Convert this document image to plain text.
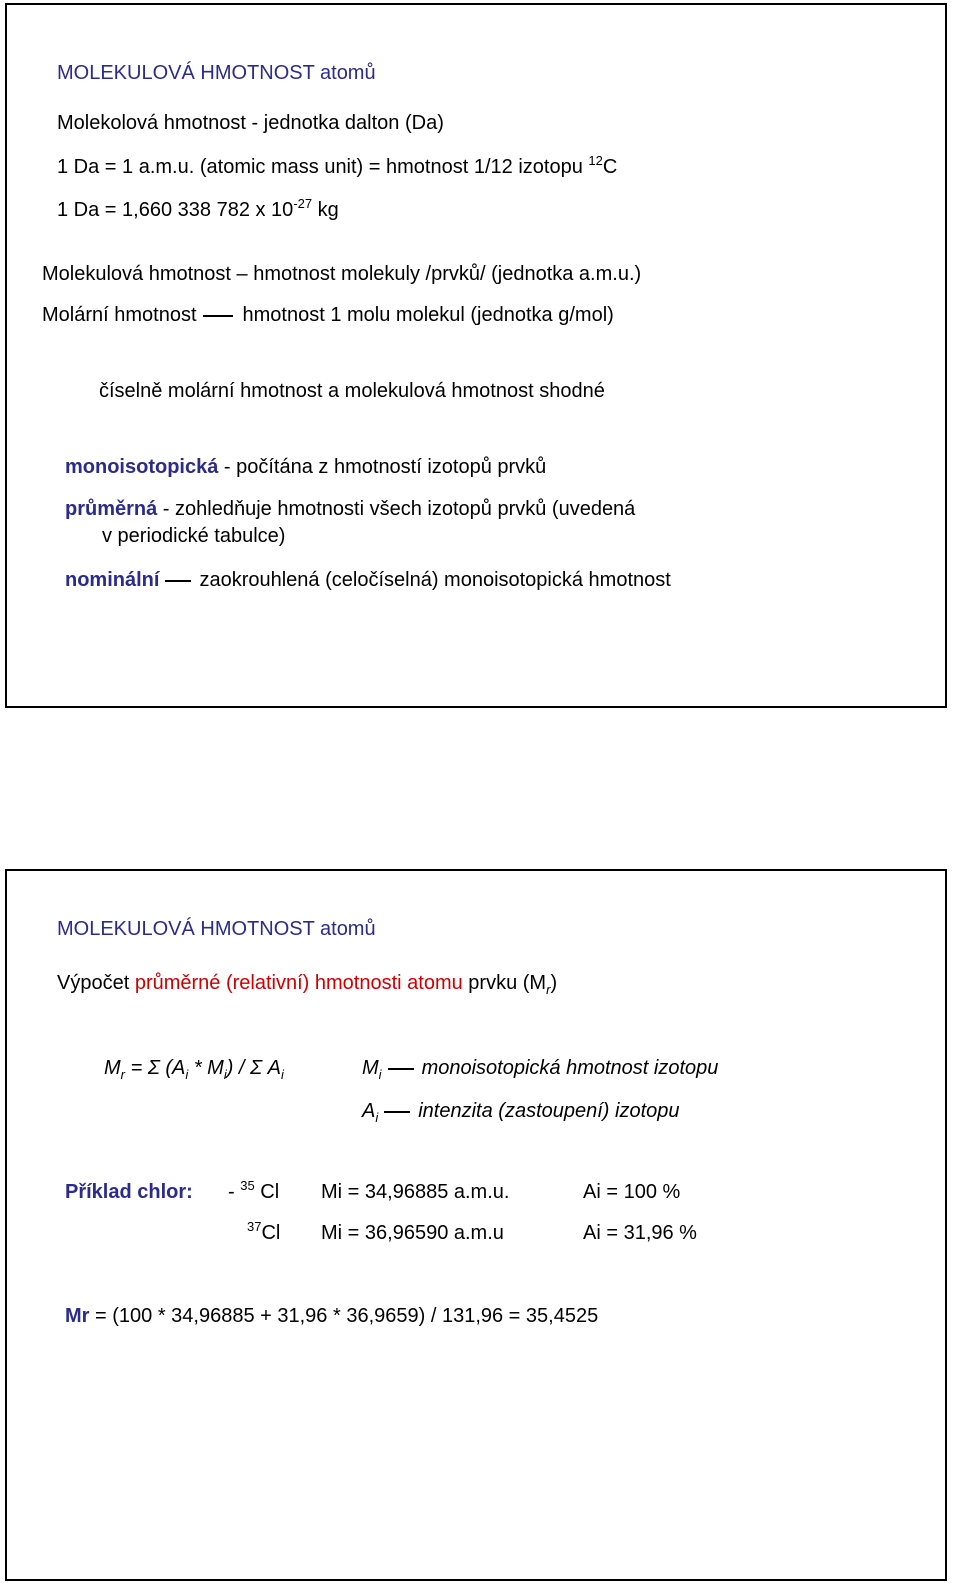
MOLEKULOVÁ HMOTNOST atomů
Molekolová hmotnost - jednotka dalton (Da)
1 Da = 1 a.m.u. (atomic mass unit) = hmotnost 1/12 izotopu $^{12}$C
1 Da = 1,660 338 782 x $10^{-27}$ kg
Molekulová hmotnost – hmotnost molekuly /prvků/ (jednotka a.m.u.)
Molární hmotnost hmotnost 1 molu molekul (jednotka g/mol)
číselně molární hmotnost a molekulová hmotnost shodné
monoisotopická - počítána z hmotností izotopů prvků
průměrná - zohledňuje hmotnosti všech izotopů prvků (uvedená
v periodické tabulce)
nominální zaokrouhlená (celočíselná) monoisotopická hmotnost
MOLEKULOVÁ HMOTNOST atomů
Výpočet průměrné (relativní) hmotnosti atomu prvku $(M_r)$
$M_r = \Sigma$ $(A_i * M_i)$ / Σ $A_i$	$M_i$ monoisotopická hmotnost izotopu
$A_i$ intenzita (zastoupení) izotopu
Příklad chlor: - $^{35}$ Cl Mi = 34,96885 a.m.u.	Ai = 100 %
$^{37}$Cl Mi = 36,96590 a.m.u	Ai = 31,96 %
Mr = (100 * 34,96885 + 31,96 * 36,9659) / 131,96 = 35,4525
